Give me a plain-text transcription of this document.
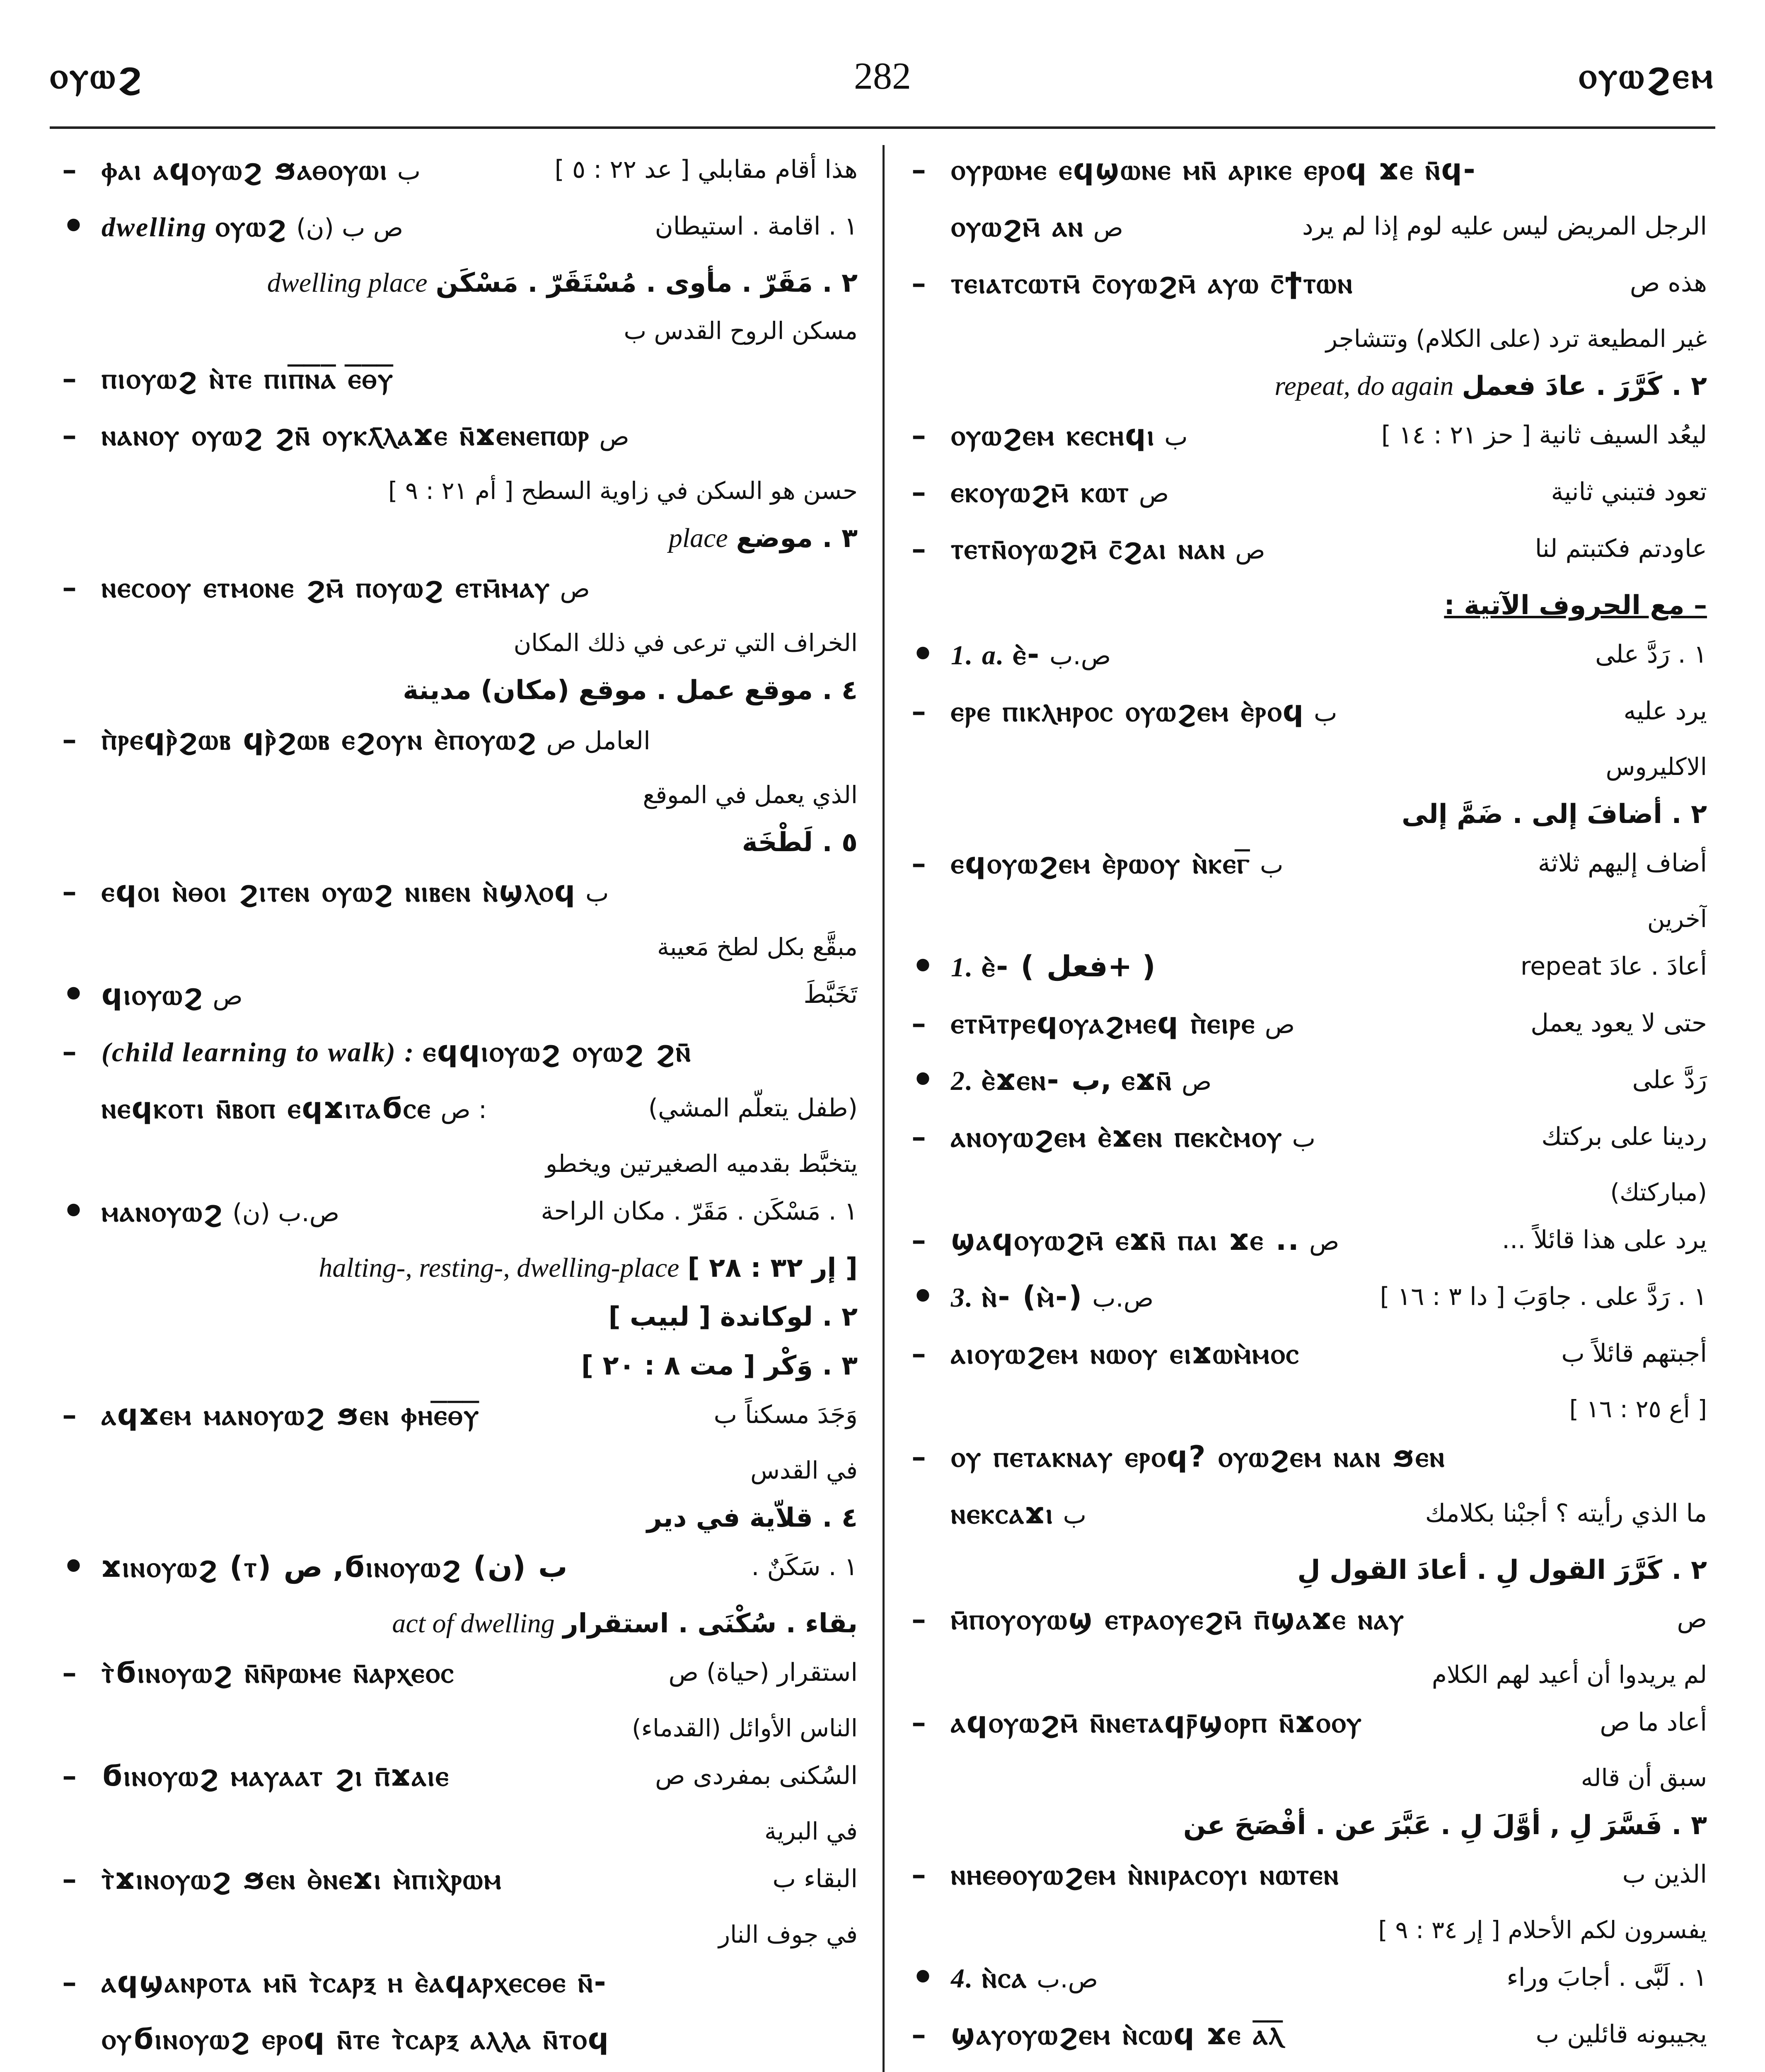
ⲟⲩⲱϩ	282	ⲟⲩⲱϩⲉⲙ
– ⲫⲁⲓ ⲁϥⲟⲩⲱϩ ϧⲁⲑⲟⲩⲱⲓ ب	هذا أقام مقابلي [ عد ٢٢ : ٥ ]
• dwelling ⲟⲩⲱϩ ص ب (ن)	١ . اقامة . استيطان
٢ . مَقَرّ . مأوى . مُسْتَقَرّ . مَسْكَنdwelling place
مسكن الروح القدس ب
– ⲡⲓⲟⲩⲱϩ ⲛ̀ⲧⲉ ⲡⲓⲡ̅ⲛ̅ⲁ̅ ⲉ̅ⲑ̅ⲩ̅
– ⲛⲁⲛⲟⲩ ⲟⲩⲱϩ ϩⲛ̄ ⲟⲩⲕⲗ̄ⲗⲁϫⲉ ⲛ̄ϫⲉⲛⲉⲡⲱⲣ ص
حسن هو السكن في زاوية السطح [ أم ٢١ : ٩ ]
٣ . موضعplace
– ⲛⲉⲥⲟⲟⲩ ⲉⲧⲙⲟⲛⲉ ϩⲙ̄ ⲡⲟⲩⲱϩ ⲉⲧⲙ̄ⲙⲁⲩ ص
الخراف التي ترعى في ذلك المكان
٤ . موقع عمل . موقع (مكان) مدينة
– ⲡ̀ⲣⲉϥⲣ̀ϩⲱⲃ ϥⲣ̀ϩⲱⲃ ⲉϩⲟⲩⲛ ⲉ̀ⲡⲟⲩⲱϩ العامل ص
الذي يعمل في الموقع
٥ . لَطْخَة
– ⲉϥⲟⲓ ⲛ̀ⲑⲟⲓ ϩⲓⲧⲉⲛ ⲟⲩⲱϩ ⲛⲓⲃⲉⲛ ⲛ̀ϣⲗⲟϥ ب
مبقَّع بكل لطخ مَعيبة
• ϥⲓⲟⲩⲱϩ ص	تَخَبَّطَ
– (child learning to walk) : ⲉϥϥⲓⲟⲩⲱϩ ⲟⲩⲱϩ ϩⲛ̄
ⲛⲉϥⲕⲟⲧⲓ ⲛ̄ⲃⲟⲡ ⲉϥϫⲓⲧⲁϭⲥⲉ ص :	(طفل يتعلّم المشي)
يتخبَّط بقدميه الصغيرتين ويخطو
• ⲙⲁⲛⲟⲩⲱϩ ص.ب (ن)	١ . مَسْكَن . مَقَرّ . مكان الراحة
[ إر ٣٢ : ٢٨ ]halting-, resting-, dwelling-place
٢ . لوكاندة [ لبيب ]
٣ . وَكْر [ مت ٨ : ٢٠ ]
– ⲁϥϫⲉⲙ ⲙⲁⲛⲟⲩⲱϩ ϧⲉⲛ ⲫⲏⲉ̅ⲑ̅ⲩ̅	وَجَدَ مسكناً ب
في القدس
٤ . قلاّية في دير
• ϫⲓⲛⲟⲩⲱϩ (ⲧ) ص ,ϭⲓⲛⲟⲩⲱϩ (ن) ب	١ . سَكَنٌ .
بقاء . سُكْنَى . استقرارact of dwelling
– ⲧ̀ϭⲓⲛⲟⲩⲱϩ ⲛ̄ⲛ̄ⲣⲱⲙⲉ ⲛ̄ⲁⲣⲭⲉⲟⲥ	استقرار (حياة) ص
الناس الأوائل (القدماء)
– ϭⲓⲛⲟⲩⲱϩ ⲙⲁⲩⲁⲁⲧ ϩⲓ ⲡ̄ϫⲁⲓⲉ	السُكنى بمفردى ص
في البرية
– ⲧ̀ϫⲓⲛⲟⲩⲱϩ ϧⲉⲛ ⲑ̀ⲛⲉϫⲓ ⲙ̀ⲡⲓⲭ̀ⲣⲱⲙ	البقاء ب
في جوف النار
– ⲁϥϣⲁⲛⲣⲟⲧⲁ ⲙⲛ̄ ⲧ̀ⲥⲁⲣⲝ ⲏ ⲉ̀ⲁϥⲁⲣⲭⲉⲥⲑⲉ ⲛ̄-
ⲟⲩϭⲓⲛⲟⲩⲱϩ ⲉⲣⲟϥ ⲛ̄ⲧⲉ ⲧ̀ⲥⲁⲣⲝ ⲁⲗⲗⲁ ⲛ̄ⲧⲟϥ
– ⲟⲩⲣⲱⲙⲉ ⲉϥϣⲱⲛⲉ ⲙⲛ̄ ⲁⲣⲓⲕⲉ ⲉⲣⲟϥ ϫⲉ ⲛ̄ϥ-
ⲟⲩⲱϩⲙ̄ ⲁⲛ ص	الرجل المريض ليس عليه لوم إذا لم يرد
– ⲧⲉⲓⲁⲧⲥⲱⲧⲙ̄ ⲥ̄ⲟⲩⲱϩⲙ̄ ⲁⲩⲱ ⲥ̄ϯⲧⲱⲛ	هذه ص
غير المطيعة ترد (على الكلام) وتتشاجر
٢ . كَرَّرَ . عادَ فعملrepeat, do again
– ⲟⲩⲱϩⲉⲙ ⲕⲉⲥⲏϥⲓ ب	ليعُد السيف ثانية [ حز ٢١ : ١٤ ]
– ⲉⲕⲟⲩⲱϩⲙ̄ ⲕⲱⲧ ص	تعود فتبني ثانية
– ⲧⲉⲧⲛ̄ⲟⲩⲱϩⲙ̄ ⲥ̄ϩⲁⲓ ⲛⲁⲛ ص	عاودتم فكتبتم لنا
– مع الحروف الآتية :
• 1. a. ⲉ̀- ص.ب	١ . رَدَّ على
– ⲉⲣⲉ ⲡⲓⲕⲗⲏⲣⲟⲥ ⲟⲩⲱϩⲉⲙ ⲉ̀ⲣⲟϥ ب	يرد عليه
الاكليروس
٢ . أضافَ إلى . ضَمَّ إلى
– ⲉϥⲟⲩⲱϩⲉⲙ ⲉ̀ⲣⲱⲟⲩ ⲛ̀ⲕⲉⲅ̅ ب	أضاف إليهم ثلاثة
آخرين
• 1. ⲉ̀- ( فعل+ )	أعادَ . عادَ repeat
– ⲉⲧⲙ̄ⲧⲣⲉϥⲟⲩⲁϩⲙⲉϥ ⲡ̀ⲉⲓⲣⲉ ص	حتى لا يعود يعمل
• 2. ⲉ̀ϫⲉⲛ- ب, ⲉϫⲛ̄ ص	رَدَّ على
– ⲁⲛⲟⲩⲱϩⲉⲙ ⲉ̀ϫⲉⲛ ⲡⲉⲕⲥ̀ⲙⲟⲩ ب	ردينا على بركتك
(مباركتك)
– ϣⲁϥⲟⲩⲱϩⲙ̄ ⲉϫⲛ̄ ⲡⲁⲓ ϫⲉ .. ص	يرد على هذا قائلاً ...
• 3. ⲛ̀- (ⲙ̀-) ص.ب	١ . رَدَّ على . جاوَبَ [ دا ٣ : ١٦ ]
– ⲁⲓⲟⲩⲱϩⲉⲙ ⲛⲱⲟⲩ ⲉⲓϫⲱⲙ̀ⲙⲟⲥ	أجبتهم قائلاً ب
[ أع ٢٥ : ١٦ ]
– ⲟⲩ ⲡⲉⲧⲁⲕⲛⲁⲩ ⲉⲣⲟϥ? ⲟⲩⲱϩⲉⲙ ⲛⲁⲛ ϧⲉⲛ
ⲛⲉⲕⲥⲁϫⲓ ب	ما الذي رأيته ؟ أجبْنا بكلامك
٢ . كَرَّرَ القول لِ . أعادَ القول لِ
– ⲙ̄ⲡⲟⲩⲟⲩⲱϣ ⲉⲧⲣⲁⲟⲩⲉϩⲙ̄ ⲡ̄ϣⲁϫⲉ ⲛⲁⲩ	ص
لم يريدوا أن أعيد لهم الكلام
– ⲁϥⲟⲩⲱϩⲙ̄ ⲛ̄ⲛⲉⲧⲁϥⲣ̄ϣⲟⲣⲡ ⲛ̄ϫⲟⲟⲩ	أعاد ما ص
سبق أن قاله
٣ . فَسَّرَ لِ , أوَّلَ لِ . عَبَّرَ عن . أفْصَحَ عن
– ⲛⲏⲉⲑⲟⲩⲱϩⲉⲙ ⲛ̀ⲛⲓⲣⲁⲥⲟⲩⲓ ⲛⲱⲧⲉⲛ	الذين ب
يفسرون لكم الأحلام [ إر ٣٤ : ٩ ]
• 4. ⲛ̀ⲥⲁ ص.ب	١ . لَبَّى . أجابَ وراء
– ϣⲁⲩⲟⲩⲱϩⲉⲙ ⲛ̀ⲥⲱϥ ϫⲉ ⲁ̅ⲗ̅	يجيبونه قائلين ب
